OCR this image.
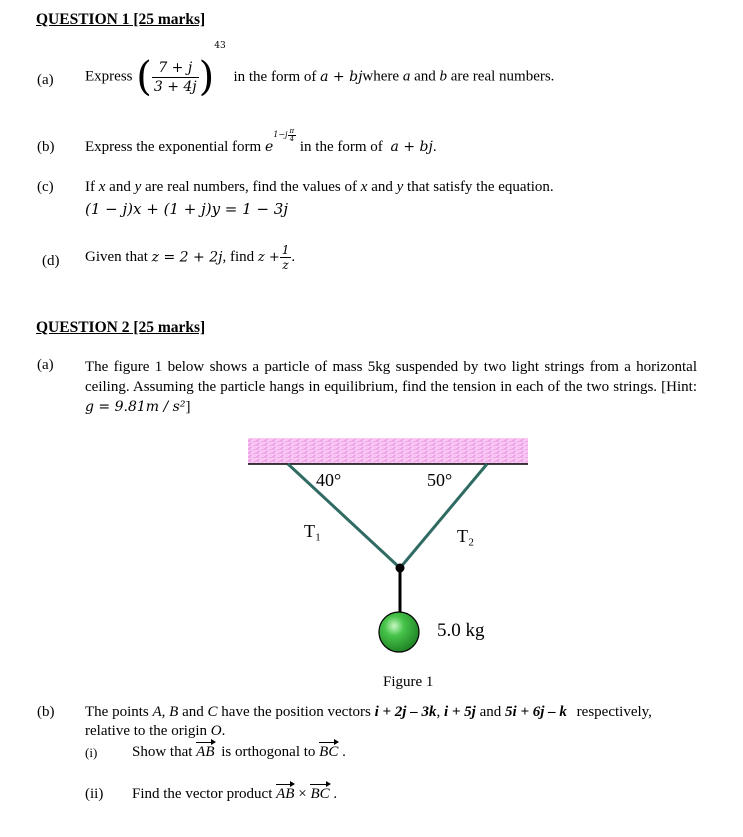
QUESTION 1 [25 marks]
(a) Express ( $\frac{7 + j}{3 + 4j} )^{43}$ in the form of a + bjwhere a and b are real numbers.
(b) Express the exponential form $e^{1-j \frac{\pi}{4}}$
in the form of a + bj.
(c) If x and y are real numbers, find the values of x and y that satisfy the equation.
(1 − j)x + (1 + j)y = 1 − 3j
(d) Given that z = 2 + 2j, find $z + \frac{1}{z}$ .
QUESTION 2 [25 marks]
(a) The figure 1 below shows a particle of mass 5kg suspended by two light strings from a horizontal ceiling. Assuming the particle hangs in equilibrium, find the tension in each of the two strings. [Hint: g = 9.81m / s²]
40°	50°
T₁	T₂
5.0 kg
Figure 1
(b) The points A, B and C have the position vectors i + 2j – 3k, i + 5j and 5i + 6j – k respectively,
relative to the origin O.
(i) Show that AB is orthogonal to BC .
(ii) Find the vector product AB × BC .
